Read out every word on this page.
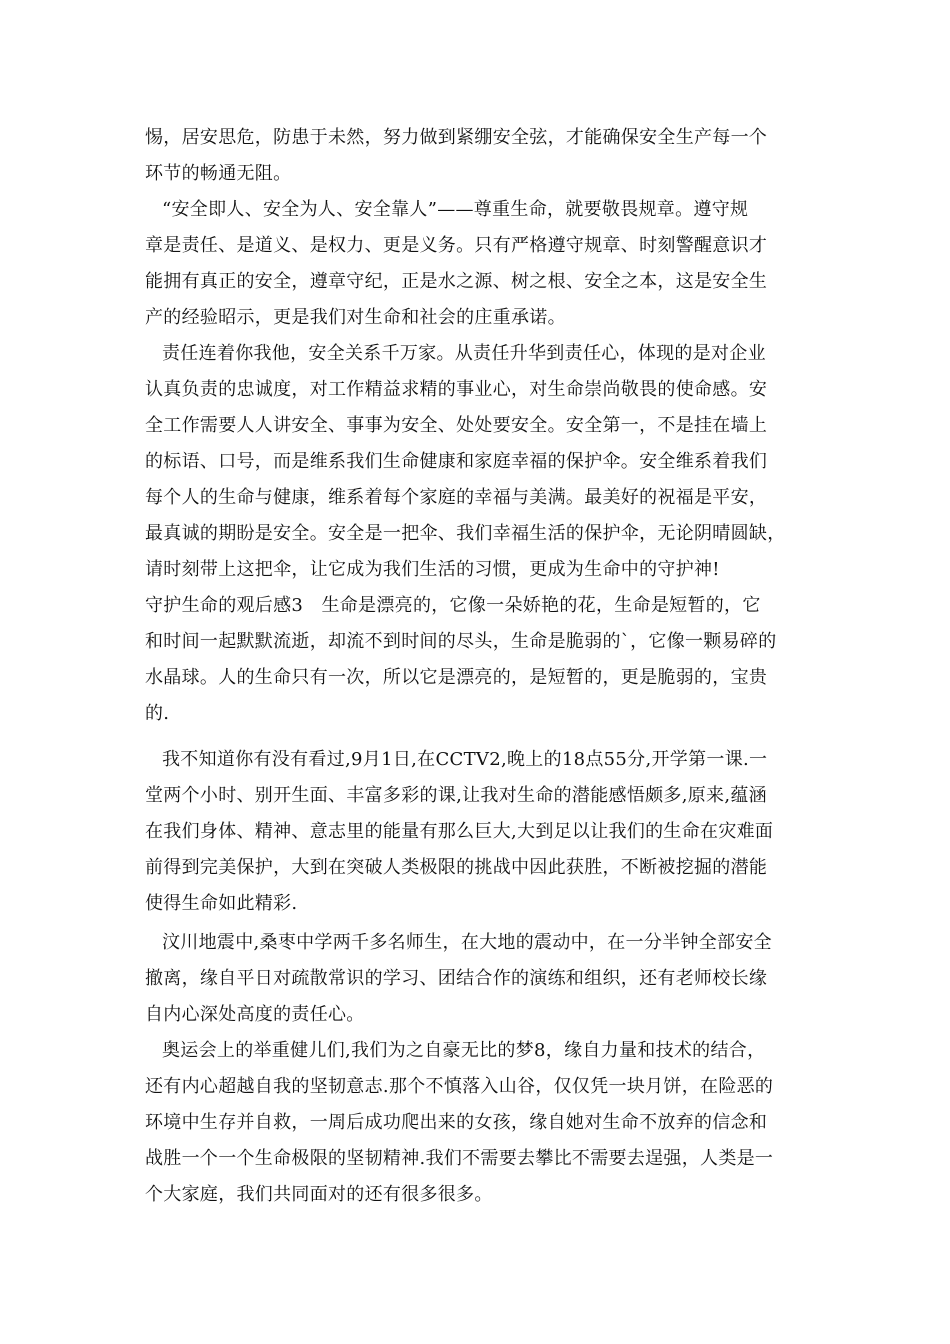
惕，居安思危，防患于未然，努力做到紧绷安全弦，才能确保安全生产每一个

环节的畅通无阻。

“安全即人、安全为人、安全靠人”——尊重生命，就要敬畏规章。遵守规

章是责任、是道义、是权力、更是义务。只有严格遵守规章、时刻警醒意识才

能拥有真正的安全，遵章守纪，正是水之源、树之根、安全之本，这是安全生

产的经验昭示，更是我们对生命和社会的庄重承诺。

责任连着你我他，安全关系千万家。从责任升华到责任心，体现的是对企业

认真负责的忠诚度，对工作精益求精的事业心，对生命崇尚敬畏的使命感。安

全工作需要人人讲安全、事事为安全、处处要安全。安全第一，不是挂在墙上

的标语、口号，而是维系我们生命健康和家庭幸福的保护伞。安全维系着我们

每个人的生命与健康，维系着每个家庭的幸福与美满。最美好的祝福是平安，

最真诚的期盼是安全。安全是一把伞、我们幸福生活的保护伞，无论阴晴圆缺，

请时刻带上这把伞，让它成为我们生活的习惯，更成为生命中的守护神!

守护生命的观后感3　生命是漂亮的，它像一朵娇艳的花，生命是短暂的，它

和时间一起默默流逝，却流不到时间的尽头，生命是脆弱的`，它像一颗易碎的

水晶球。人的生命只有一次，所以它是漂亮的，是短暂的，更是脆弱的，宝贵

的.

我不知道你有没有看过,9月1日,在CCTV2,晚上的18点55分,开学第一课.一

堂两个小时、别开生面、丰富多彩的课,让我对生命的潜能感悟颇多,原来,蕴涵

在我们身体、精神、意志里的能量有那么巨大,大到足以让我们的生命在灾难面

前得到完美保护，大到在突破人类极限的挑战中因此获胜，不断被挖掘的潜能

使得生命如此精彩.

汶川地震中,桑枣中学两千多名师生，在大地的震动中，在一分半钟全部安全

撤离，缘自平日对疏散常识的学习、团结合作的演练和组织，还有老师校长缘

自内心深处高度的责任心。

奥运会上的举重健儿们,我们为之自豪无比的梦8，缘自力量和技术的结合，

还有内心超越自我的坚韧意志.那个不慎落入山谷，仅仅凭一块月饼，在险恶的

环境中生存并自救，一周后成功爬出来的女孩，缘自她对生命不放弃的信念和

战胜一个一个生命极限的坚韧精神.我们不需要去攀比不需要去逞强，人类是一

个大家庭，我们共同面对的还有很多很多。
